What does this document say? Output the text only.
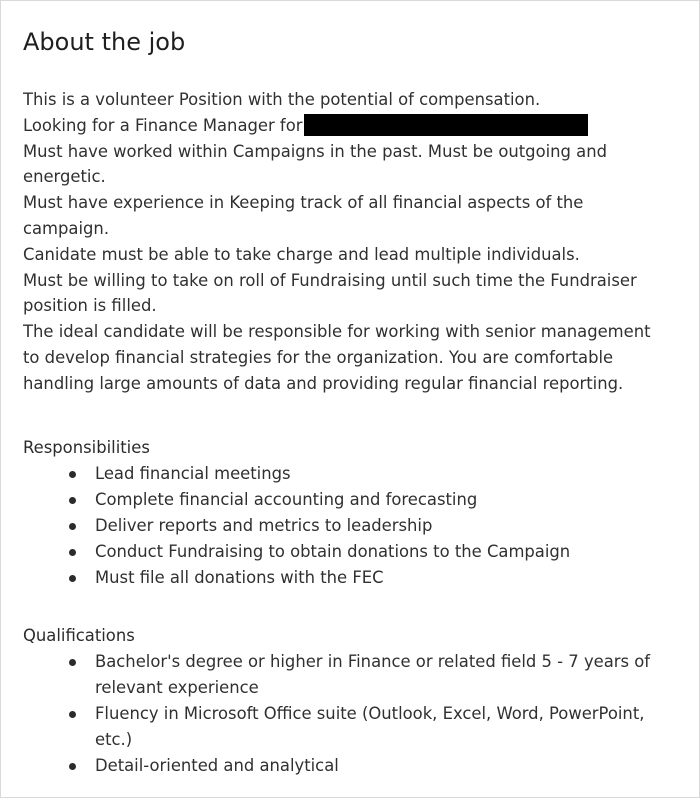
About the job
This is a volunteer Position with the potential of compensation.
Looking for a Finance Manager for
Must have worked within Campaigns in the past. Must be outgoing and
energetic.
Must have experience in Keeping track of all financial aspects of the
campaign.
Canidate must be able to take charge and lead multiple individuals.
Must be willing to take on roll of Fundraising until such time the Fundraiser
position is filled.
The ideal candidate will be responsible for working with senior management
to develop financial strategies for the organization. You are comfortable
handling large amounts of data and providing regular financial reporting.
Responsibilities
Lead financial meetings
Complete financial accounting and forecasting
Deliver reports and metrics to leadership
Conduct Fundraising to obtain donations to the Campaign
Must file all donations with the FEC
Qualifications
Bachelor's degree or higher in Finance or related field 5 - 7 years of
relevant experience
Fluency in Microsoft Office suite (Outlook, Excel, Word, PowerPoint,
etc.)
Detail-oriented and analytical
